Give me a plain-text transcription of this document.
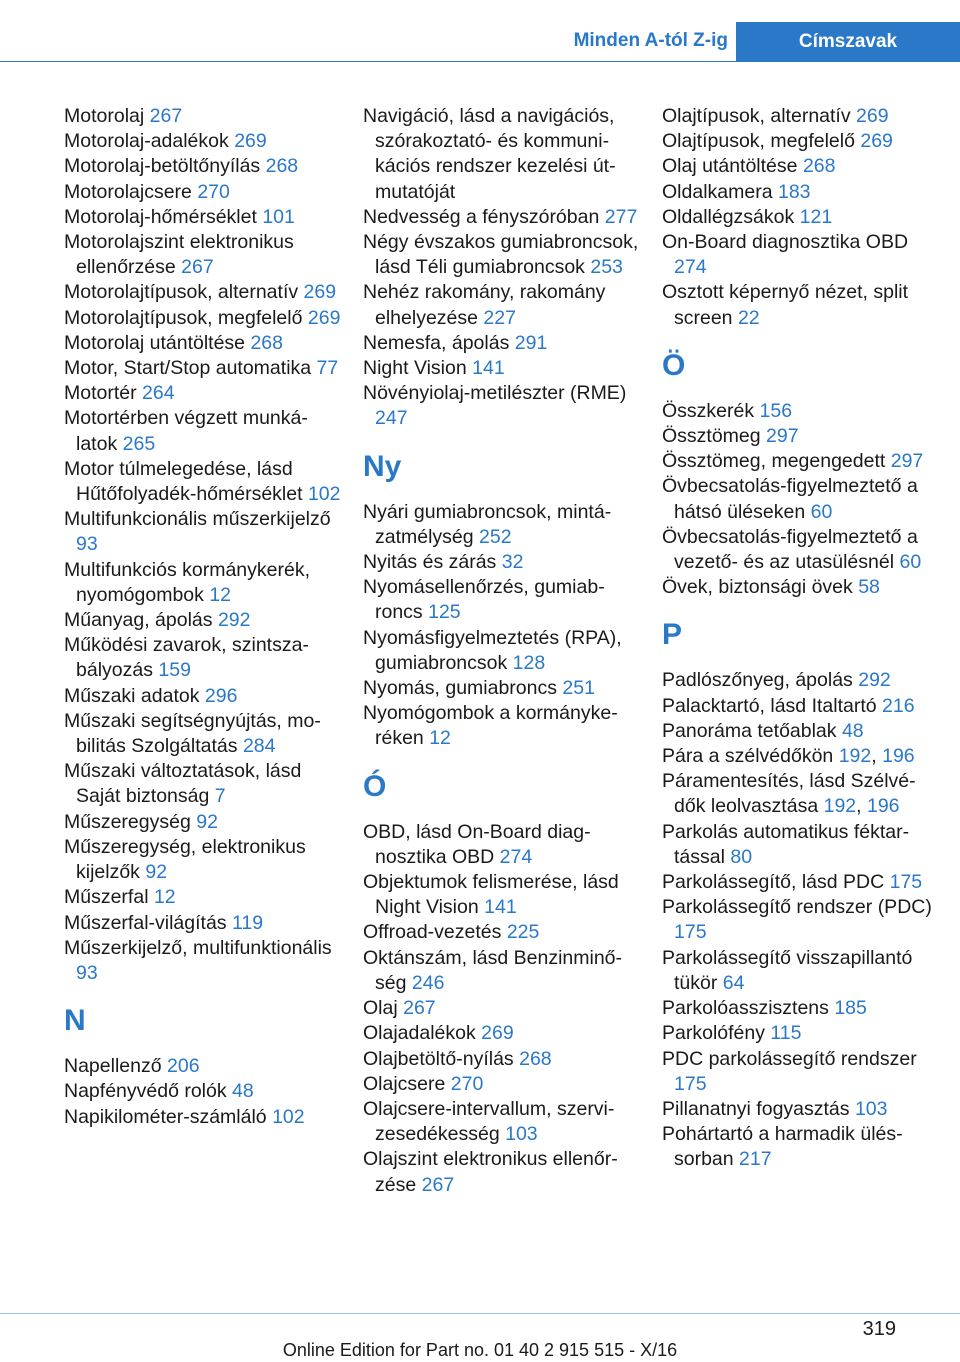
Minden A-tól Z-ig	Címszavak
Motorolaj 267
Motorolaj-adalékok 269
Motorolaj-betöltőnyílás 268
Motorolajcsere 270
Motorolaj-hőmérséklet 101
Motorolajszint elektronikus ellenőrzése 267
Motorolajtípusok, alternatív 269
Motorolajtípusok, megfelelő 269
Motorolaj utántöltése 268
Motor, Start/Stop automatika 77
Motortér 264
Motortérben végzett munkálatok 265
Motor túlmelegedése, lásd Hűtőfolyadék-hőmérséklet 102
Multifunkcionális műszerkijelző 93
Multifunkciós kormánykerék, nyomógombok 12
Műanyag, ápolás 292
Működési zavarok, szintszabályozás 159
Műszaki adatok 296
Műszaki segítségnyújtás, mobilitás Szolgáltatás 284
Műszaki változtatások, lásd Saját biztonság 7
Műszeregység 92
Műszeregység, elektronikus kijelzők 92
Műszerfal 12
Műszerfal-világítás 119
Műszerkijelző, multifunktionális 93
N
Napellenző 206
Napfényvédő rolók 48
Napikilométer-számláló 102
Navigáció, lásd a navigációs, szórakoztató- és kommunikációs rendszer kezelési útmutatóját
Nedvesség a fényszóróban 277
Négy évszakos gumiabroncsok, lásd Téli gumiabroncsok 253
Nehéz rakomány, rakomány elhelyezése 227
Nemesfa, ápolás 291
Night Vision 141
Növényiolaj-metilészter (RME) 247
Ny
Nyári gumiabroncsok, mintázatmélység 252
Nyitás és zárás 32
Nyomásellenőrzés, gumiabroncs 125
Nyomásfigyelmeztetés (RPA), gumiabroncsok 128
Nyomás, gumiabroncs 251
Nyomógombok a kormánykeréken 12
Ó
OBD, lásd On-Board diagnosztika OBD 274
Objektumok felismerése, lásd Night Vision 141
Offroad-vezetés 225
Oktánszám, lásd Benzinminőség 246
Olaj 267
Olajadalékok 269
Olajbetöltő-nyílás 268
Olajcsere 270
Olajcsere-intervallum, szervizesedékesség 103
Olajszint elektronikus ellenőrzése 267
Olajtípusok, alternatív 269
Olajtípusok, megfelelő 269
Olaj utántöltése 268
Oldalkamera 183
Oldallégzsákok 121
On-Board diagnosztika OBD 274
Osztott képernyő nézet, split screen 22
Ö
Összkerék 156
Össztömeg 297
Össztömeg, megengedett 297
Övbecsatolás-figyelmeztető a hátsó üléseken 60
Övbecsatolás-figyelmeztető a vezető- és az utasülésnél 60
Övek, biztonsági övek 58
P
Padlószőnyeg, ápolás 292
Palacktartó, lásd Italtartó 216
Panoráma tetőablak 48
Pára a szélvédőkön 192, 196
Páramentesítés, lásd Szélvédők leolvasztása 192, 196
Parkolás automatikus féktartással 80
Parkolássegítő, lásd PDC 175
Parkolássegítő rendszer (PDC) 175
Parkolássegítő visszapillantó tükör 64
Parkolóasszisztens 185
Parkolófény 115
PDC parkolássegítő rendszer 175
Pillanatnyi fogyasztás 103
Pohártartó a harmadik üléssorban 217
319
Online Edition for Part no. 01 40 2 915 515 - X/16
